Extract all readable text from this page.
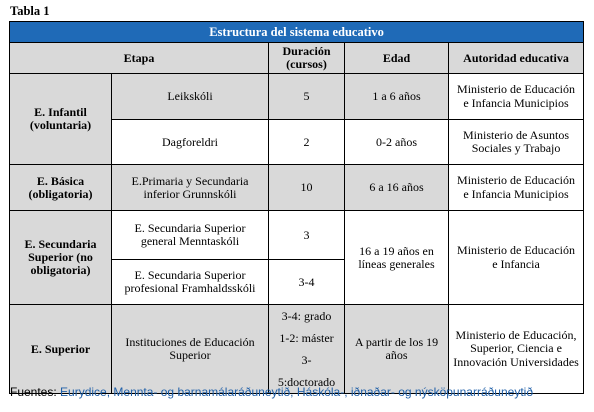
Tabla 1
Estructura del sistema educativo				
Etapa		Duración (cursos)	Edad	Autoridad educativa
E. Infantil (voluntaria)	Leikskóli	5	1 a 6 años	Ministerio de Educación e Infancia Municipios
	Dagforeldri	2	0-2 años	Ministerio de Asuntos Sociales y Trabajo
E. Básica (obligatoria)	E.Primaria y Secundaria inferior Grunnskóli	10	6 a 16 años	Ministerio de Educación e Infancia Municipios
E. Secundaria Superior (no obligatoria)	E. Secundaria Superior general Menntaskóli	3	16 a 19 años en líneas generales	Ministerio de Educación e Infancia
	E. Secundaria Superior profesional Framhaldsskóli	3-4		
E. Superior	Instituciones de Educación Superior	3-4: grado
1-2: máster
3-5:doctorado	A partir de los 19 años	Ministerio de Educación, Superior, Ciencia e Innovación Universidades
Fuentes: Eurydice, Mennta- og barnamálaráðuneytið, Háskóla-, iðnaðar- og nýsköpunarráðuneytið
